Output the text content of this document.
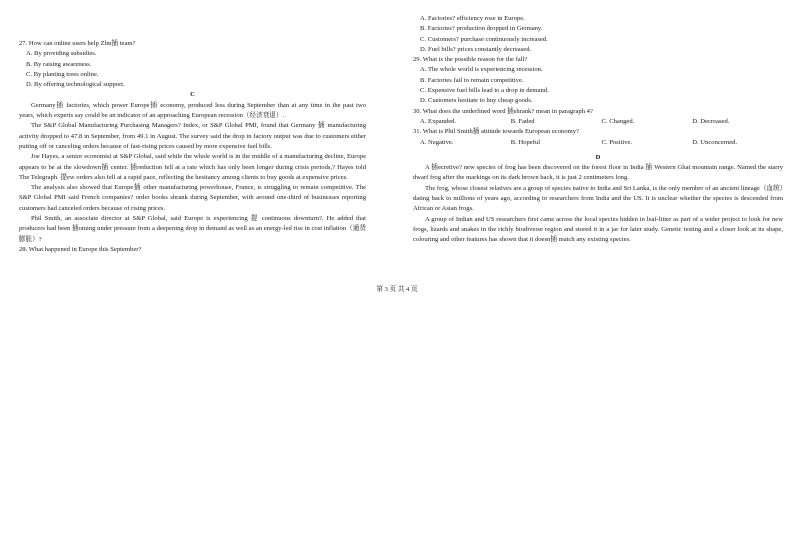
27. How can online users help Zlm插 team?
A. By providing subsidies.
B. By raising awareness.
C. By planting trees online.
D. By offering technological support.
C

Germany插 factories, which power Europe插 economy, produced less during September than at any time in the past two years, which experts say could be an indicator of an approaching European recession（经济衰退）.

The S&P Global Manufacturing Purchasing Managers? Index, or S&P Global PMI, found that Germany 插 manufacturing activity dropped to 47.8 in September, from 49.1 in August. The survey said the drop in factory output was due to customers either putting off or canceling orders because of fast-rising prices caused by more expensive fuel bills.

Joe Hayes, a senior economist at S&P Global, said while the whole world is in the middle of a manufacturing decline, Europe appears to be at the slowdown插 center. 插reduction fell at a rate which has only been longer during crisis periods,? Hayes told The Telegraph. 提ew orders also fell at a rapid pace, reflecting the hesitancy among clients to buy goods at expensive prices.

The analysis also showed that Europe插 other manufacturing powerhouse, France, is struggling to remain competitive. The S&P Global PMI said French companies? order books shrank during September, with around one-third of businesses reporting customers had canceled orders because of rising prices.

Phil Smith, an associate director at S&P Global, said Europe is experiencing 提 continuous downturn?. He added that producers had been 插oming under pressure from a deepening drop in demand as well as an energy-led rise in cost inflation（通货膨胀）?

28. What happened in Europe this September?
A. Factories? efficiency rose in Europe.
B. Factories? production dropped in Germany.
C. Customers? purchase continuously increased.
D. Fuel bills? prices constantly decreased.
29. What is the possible reason for the fall?
A. The whole world is experiencing recession.
B. Factories fail to remain competitive.
C. Expensive fuel bills lead to a drop in demand.
D. Customers hesitate to buy cheap goods.
30. What does the underlined word 插shrank? mean in paragraph 4?
A. Expanded.	B. Faded	C. Changed.	D. Decreased.
31. What is Phil Smith插 attitude towards European economy?
A. Negative.	B. Hopeful	C. Positive.	D. Unconcerned.
D

A 插ecretive? new species of frog has been discovered on the forest floor in India 插 Western Ghat mountain range. Named the starry dwarf frog after the markings on its dark brown back, it is just 2 centimeters long.

The frog, whose closest relatives are a group of species native to India and Sri Lanka, is the only member of an ancient lineage（血统）dating back to millions of years ago, according to researchers from India and the US. It is unclear whether the species is descended from African or Asian frogs.

A group of Indian and US researchers first came across the local species hidden in leaf-litter as part of a wider project to look for new frogs, lizards and snakes in the richly biodiverse region and stored it in a jar for later study. Genetic testing and a closer look at its shape, colouring and other features has shown that it doesn插 match any existing species.

第 3 页 共 4 页
